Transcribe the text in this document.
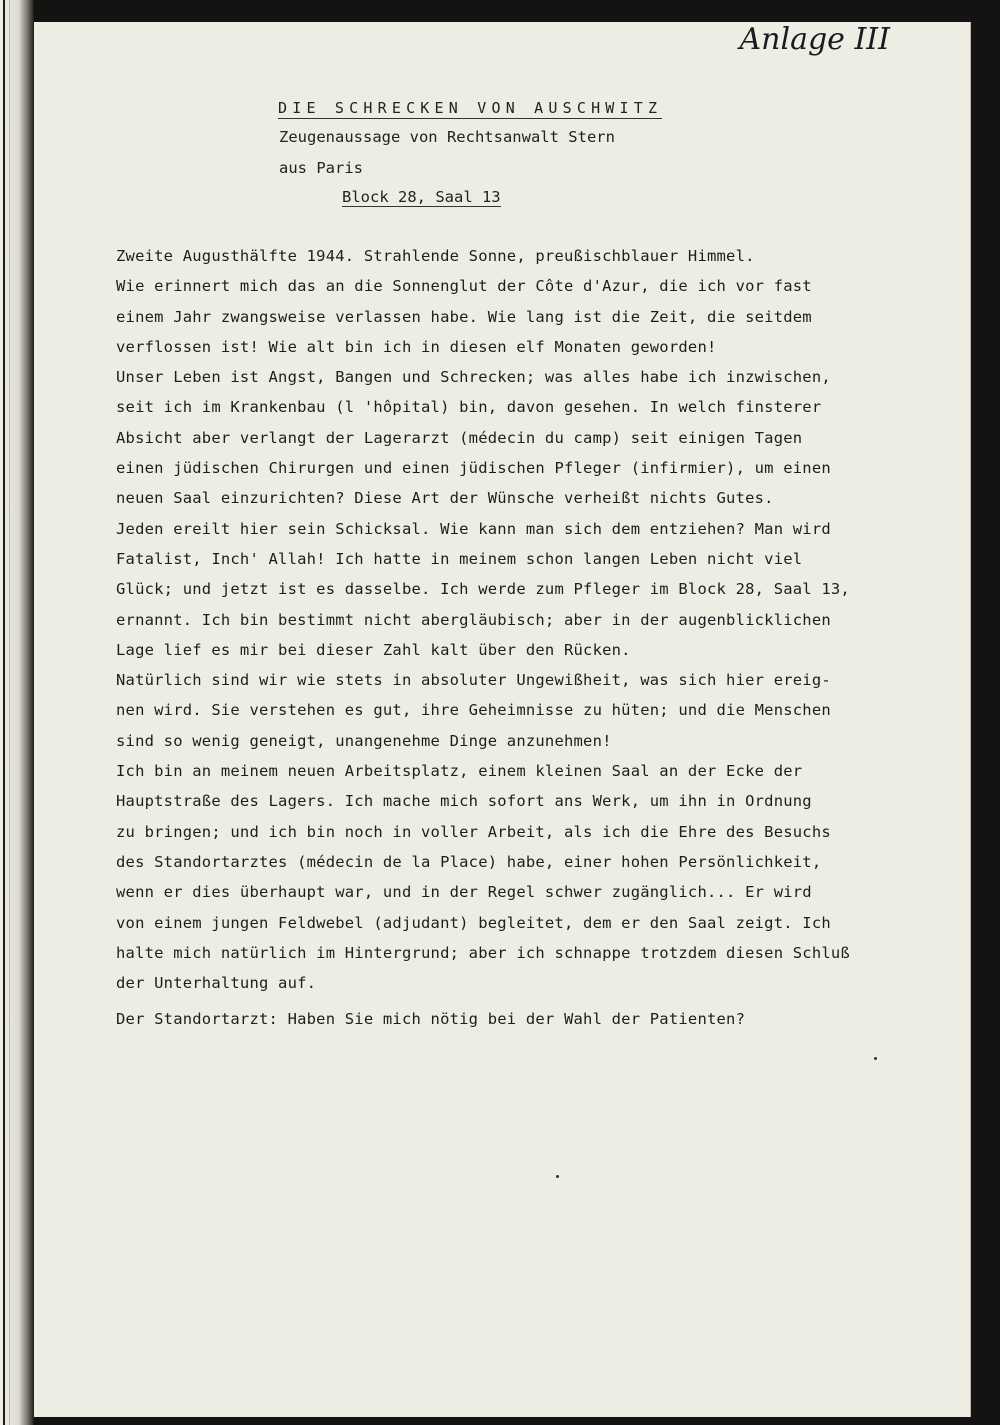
Anlage III
DIE SCHRECKEN VON AUSCHWITZ
Zeugenaussage von Rechtsanwalt Stern
aus Paris
Block 28, Saal 13

Zweite Augusthälfte 1944. Strahlende Sonne, preußischblauer Himmel.

Wie erinnert mich das an die Sonnenglut der Côte d'Azur, die ich vor fast

einem Jahr zwangsweise verlassen habe. Wie lang ist die Zeit, die seitdem

verflossen ist! Wie alt bin ich in diesen elf Monaten geworden!

Unser Leben ist Angst, Bangen und Schrecken; was alles habe ich inzwischen,

seit ich im Krankenbau (l 'hôpital) bin, davon gesehen. In welch finsterer

Absicht aber verlangt der Lagerarzt (médecin du camp) seit einigen Tagen

einen jüdischen Chirurgen und einen jüdischen Pfleger (infirmier), um einen

neuen Saal einzurichten? Diese Art der Wünsche verheißt nichts Gutes.

Jeden ereilt hier sein Schicksal. Wie kann man sich dem entziehen? Man wird

Fatalist, Inch' Allah! Ich hatte in meinem schon langen Leben nicht viel

Glück; und jetzt ist es dasselbe. Ich werde zum Pfleger im Block 28, Saal 13,

ernannt. Ich bin bestimmt nicht abergläubisch; aber in der augenblicklichen

Lage lief es mir bei dieser Zahl kalt über den Rücken.

Natürlich sind wir wie stets in absoluter Ungewißheit, was sich hier ereig-

nen wird. Sie verstehen es gut, ihre Geheimnisse zu hüten; und die Menschen

sind so wenig geneigt, unangenehme Dinge anzunehmen!

Ich bin an meinem neuen Arbeitsplatz, einem kleinen Saal an der Ecke der

Hauptstraße des Lagers. Ich mache mich sofort ans Werk, um ihn in Ordnung

zu bringen; und ich bin noch in voller Arbeit, als ich die Ehre des Besuchs

des Standortarztes (médecin de la Place) habe, einer hohen Persönlichkeit,

wenn er dies überhaupt war, und in der Regel schwer zugänglich... Er wird

von einem jungen Feldwebel (adjudant) begleitet, dem er den Saal zeigt. Ich

halte mich natürlich im Hintergrund; aber ich schnappe trotzdem diesen Schluß

der Unterhaltung auf.

Der Standortarzt: Haben Sie mich nötig bei der Wahl der Patienten?
